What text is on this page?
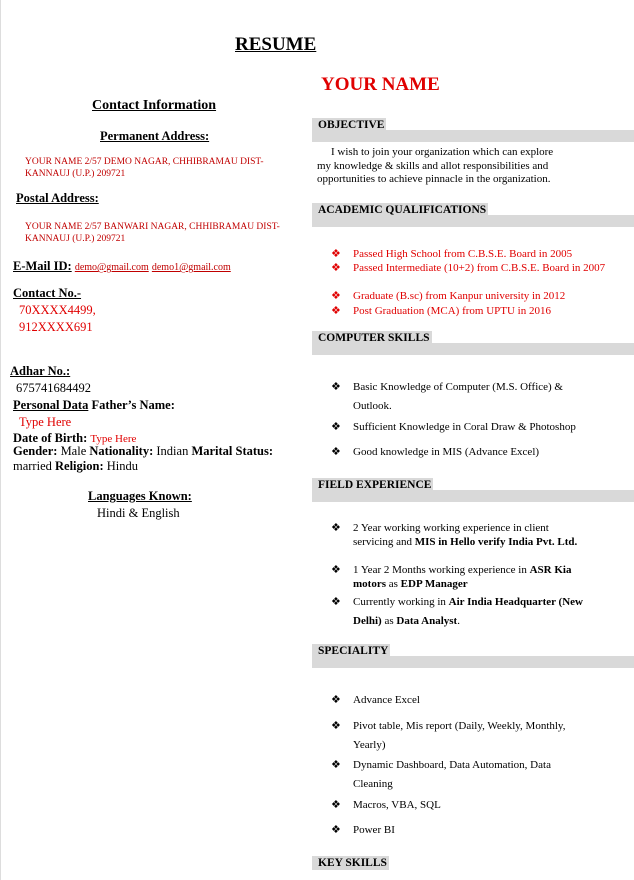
RESUME
YOUR NAME
Contact Information
Permanent Address:
YOUR NAME 2/57 DEMO NAGAR, CHHIBRAMAU DIST-KANNAUJ (U.P.) 209721
Postal Address:
YOUR NAME 2/57 BANWARI NAGAR, CHHIBRAMAU DIST-KANNAUJ (U.P.) 209721
E-Mail ID: demo@gmail.com demo1@gmail.com
Contact No.-
70XXXX4499,
912XXXX691
Adhar No.:
675741684492
Personal Data Father’s Name:
Type Here
Date of Birth: Type Here
Gender: Male Nationality: Indian Marital Status:
married Religion: Hindu
Languages Known:
Hindi & English
OBJECTIVE
I wish to join your organization which can explore
my knowledge & skills and allot responsibilities and
opportunities to achieve pinnacle in the organization.
ACADEMIC QUALIFICATIONS
❖	Passed High School from C.B.S.E. Board in 2005
❖	Passed Intermediate (10+2) from C.B.S.E. Board in 2007
❖	Graduate (B.sc) from Kanpur university in 2012
❖	Post Graduation (MCA) from UPTU in 2016
COMPUTER SKILLS
❖	Basic Knowledge of Computer (M.S. Office) & Outlook.
❖	Sufficient Knowledge in Coral Draw & Photoshop
❖	Good knowledge in MIS (Advance Excel)
FIELD EXPERIENCE
❖	2 Year working working experience in client servicing and MIS in Hello verify India Pvt. Ltd.
❖	1 Year 2 Months working experience in ASR Kia motors as EDP Manager
❖	Currently working in Air India Headquarter (New Delhi) as Data Analyst.
SPECIALITY
❖	Advance Excel
❖	Pivot table, Mis report (Daily, Weekly, Monthly, Yearly)
❖	Dynamic Dashboard, Data Automation, Data Cleaning
❖	Macros, VBA, SQL
❖	Power BI
KEY SKILLS
